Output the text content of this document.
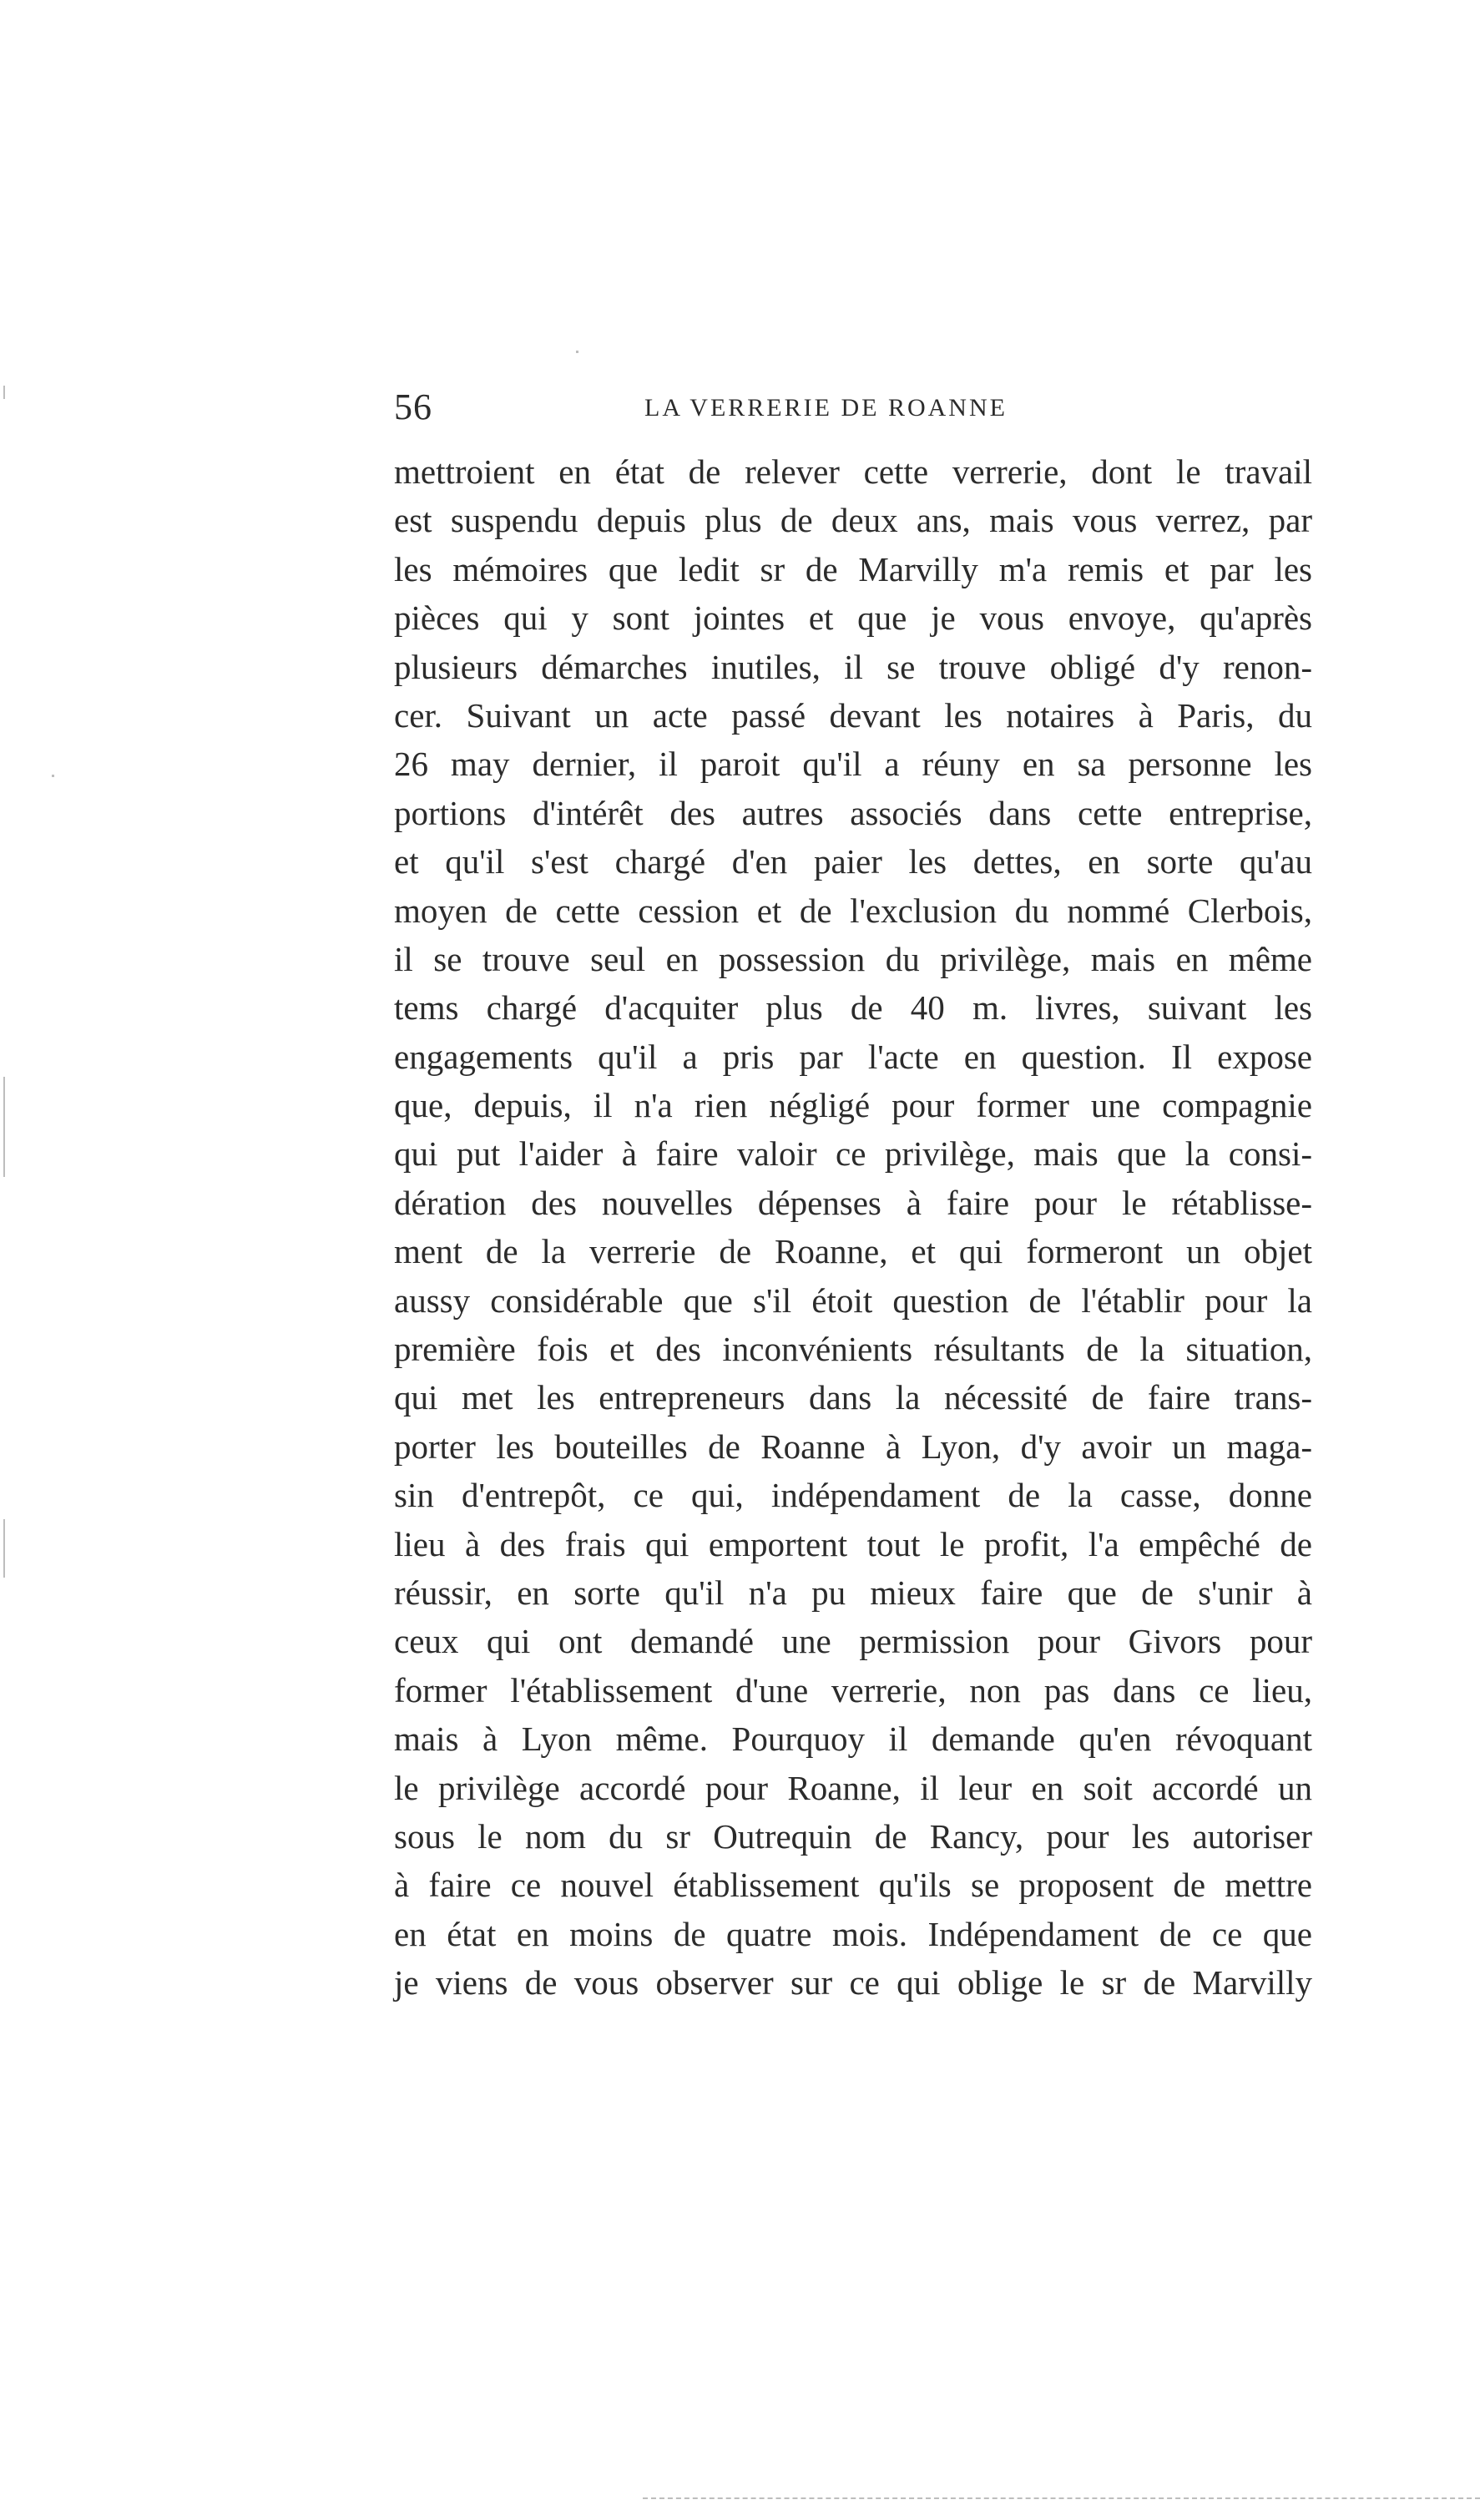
56	LA VERRERIE DE ROANNE
mettroient en état de relever cette verrerie, dont le travail
est suspendu depuis plus de deux ans, mais vous verrez, par
les mémoires que ledit sr de Marvilly m'a remis et par les
pièces qui y sont jointes et que je vous envoye, qu'après
plusieurs démarches inutiles, il se trouve obligé d'y renon-
cer. Suivant un acte passé devant les notaires à Paris, du
26 may dernier, il paroit qu'il a réuny en sa personne les
portions d'intérêt des autres associés dans cette entreprise,
et qu'il s'est chargé d'en paier les dettes, en sorte qu'au
moyen de cette cession et de l'exclusion du nommé Clerbois,
il se trouve seul en possession du privilège, mais en même
tems chargé d'acquiter plus de 40 m. livres, suivant les
engagements qu'il a pris par l'acte en question. Il expose
que, depuis, il n'a rien négligé pour former une compagnie
qui put l'aider à faire valoir ce privilège, mais que la consi-
dération des nouvelles dépenses à faire pour le rétablisse-
ment de la verrerie de Roanne, et qui formeront un objet
aussy considérable que s'il étoit question de l'établir pour la
première fois et des inconvénients résultants de la situation,
qui met les entrepreneurs dans la nécessité de faire trans-
porter les bouteilles de Roanne à Lyon, d'y avoir un maga-
sin d'entrepôt, ce qui, indépendament de la casse, donne
lieu à des frais qui emportent tout le profit, l'a empêché de
réussir, en sorte qu'il n'a pu mieux faire que de s'unir à
ceux qui ont demandé une permission pour Givors pour
former l'établissement d'une verrerie, non pas dans ce lieu,
mais à Lyon même. Pourquoy il demande qu'en révoquant
le privilège accordé pour Roanne, il leur en soit accordé un
sous le nom du sr Outrequin de Rancy, pour les autoriser
à faire ce nouvel établissement qu'ils se proposent de mettre
en état en moins de quatre mois. Indépendament de ce que
je viens de vous observer sur ce qui oblige le sr de Marvilly
